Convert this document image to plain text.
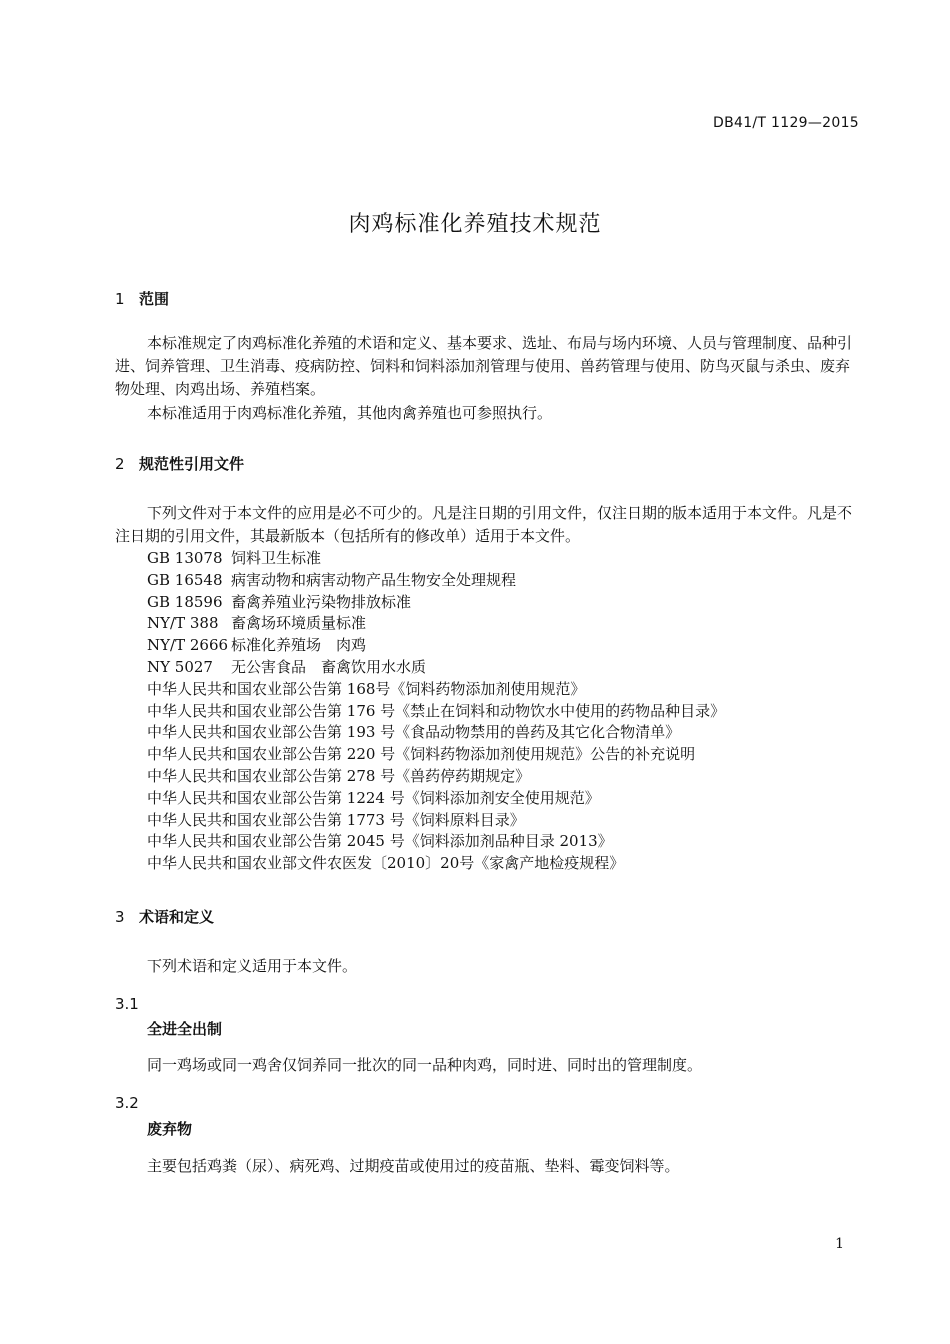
DB41/T 1129—2015
肉鸡标准化养殖技术规范
1 范围
本标准规定了肉鸡标准化养殖的术语和定义、基本要求、选址、布局与场内环境、人员与管理制度、品种引进、饲养管理、卫生消毒、疫病防控、饲料和饲料添加剂管理与使用、兽药管理与使用、防鸟灭鼠与杀虫、废弃物处理、肉鸡出场、养殖档案。
本标准适用于肉鸡标准化养殖，其他肉禽养殖也可参照执行。
2 规范性引用文件
下列文件对于本文件的应用是必不可少的。凡是注日期的引用文件，仅注日期的版本适用于本文件。凡是不注日期的引用文件，其最新版本（包括所有的修改单）适用于本文件。
GB 13078 饲料卫生标准
GB 16548 病害动物和病害动物产品生物安全处理规程
GB 18596 畜禽养殖业污染物排放标准
NY/T 388 畜禽场环境质量标准
NY/T 2666 标准化养殖场　肉鸡
NY 5027 无公害食品　畜禽饮用水水质
中华人民共和国农业部公告第 168号《饲料药物添加剂使用规范》
中华人民共和国农业部公告第 176 号《禁止在饲料和动物饮水中使用的药物品种目录》
中华人民共和国农业部公告第 193 号《食品动物禁用的兽药及其它化合物清单》
中华人民共和国农业部公告第 220 号《饲料药物添加剂使用规范》公告的补充说明
中华人民共和国农业部公告第 278 号《兽药停药期规定》
中华人民共和国农业部公告第 1224 号《饲料添加剂安全使用规范》
中华人民共和国农业部公告第 1773 号《饲料原料目录》
中华人民共和国农业部公告第 2045 号《饲料添加剂品种目录 2013》
中华人民共和国农业部文件农医发〔2010〕20号《家禽产地检疫规程》
3 术语和定义
下列术语和定义适用于本文件。
3.1
全进全出制
同一鸡场或同一鸡舍仅饲养同一批次的同一品种肉鸡，同时进、同时出的管理制度。
3.2
废弃物
主要包括鸡粪（尿）、病死鸡、过期疫苗或使用过的疫苗瓶、垫料、霉变饲料等。
1
